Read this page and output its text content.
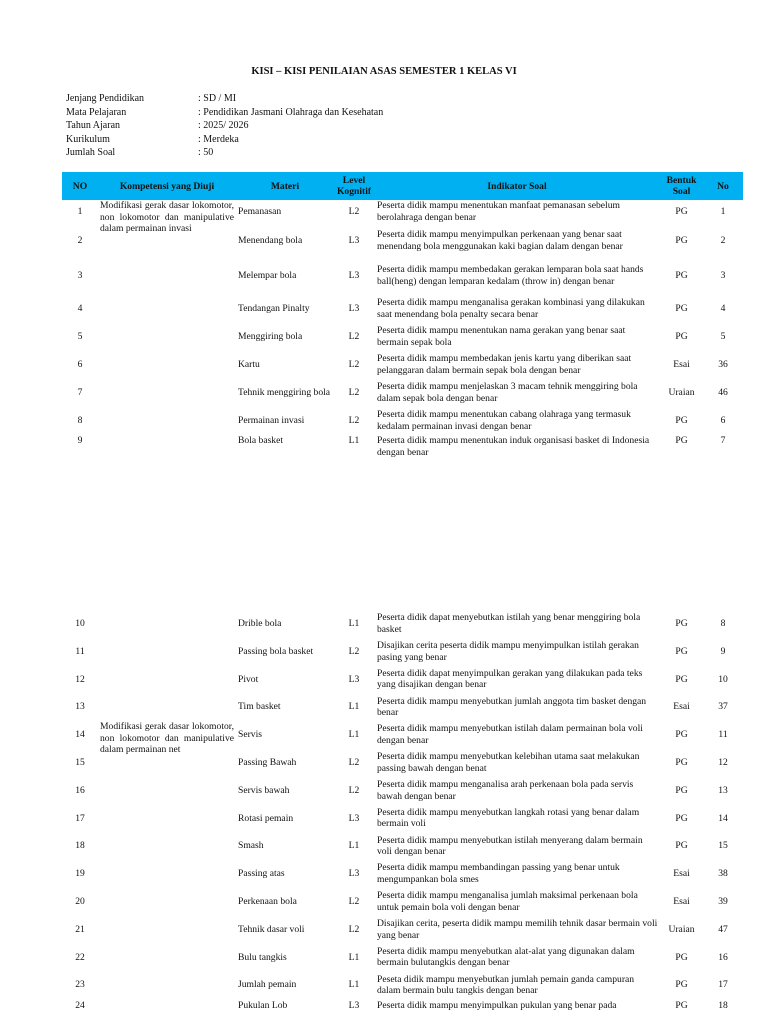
KISI – KISI PENILAIAN ASAS SEMESTER 1 KELAS VI
Jenjang Pendidikan	: SD / MI
Mata Pelajaran	: Pendidikan Jasmani Olahraga dan Kesehatan
Tahun Ajaran	: 2025/ 2026
Kurikulum	: Merdeka
Jumlah Soal	: 50
NO	Kompetensi yang Diuji	Materi	Level Kognitif	Indikator Soal	Bentuk Soal	No
1	Modifikasi gerak dasar lokomotor, non lokomotor dan manipulative dalam permainan invasi	Pemanasan	L2	Peserta didik mampu menentukan manfaat pemanasan sebelum berolahraga dengan benar	PG	1
2		Menendang bola	L3	Peserta didik mampu menyimpulkan perkenaan yang benar saat menendang bola menggunakan kaki bagian dalam dengan benar	PG	2
3		Melempar bola	L3	Peserta didik mampu membedakan gerakan lemparan bola saat hands ball(heng) dengan lemparan kedalam (throw in) dengan benar	PG	3
4		Tendangan Pinalty	L3	Peserta didik mampu menganalisa gerakan kombinasi yang dilakukan saat menendang bola penalty secara benar	PG	4
5		Menggiring bola	L2	Peserta didik mampu menentukan nama gerakan yang benar saat bermain sepak bola	PG	5
6		Kartu	L2	Peserta didik mampu membedakan jenis kartu yang diberikan saat pelanggaran dalam bermain sepak bola dengan benar	Esai	36
7		Tehnik menggiring bola	L2	Peserta didik mampu menjelaskan 3 macam tehnik menggiring bola dalam sepak bola dengan benar	Uraian	46
8		Permainan invasi	L2	Peserta didik mampu menentukan cabang olahraga yang termasuk kedalam permainan invasi dengan benar	PG	6
9		Bola basket	L1	Peserta didik mampu menentukan induk organisasi basket di Indonesia dengan benar	PG	7
10		Drible bola	L1	Peserta didik dapat menyebutkan istilah yang benar menggiring bola basket	PG	8
11		Passing bola basket	L2	Disajikan cerita peserta didik mampu menyimpulkan istilah gerakan pasing yang benar	PG	9
12		Pivot	L3	Peserta didik dapat menyimpulkan gerakan yang dilakukan pada teks yang disajikan dengan benar	PG	10
13		Tim basket	L1	Peserta didik mampu menyebutkan jumlah anggota tim basket dengan benar	Esai	37
14	Modifikasi gerak dasar lokomotor, non lokomotor dan manipulative dalam permainan net	Servis	L1	Peserta didik mampu menyebutkan istilah dalam permainan bola voli dengan benar	PG	11
15		Passing Bawah	L2	Peserta didik mampu menyebutkan kelebihan utama saat melakukan passing bawah dengan benat	PG	12
16		Servis bawah	L2	Peserta didik mampu menganalisa arah perkenaan bola pada servis bawah dengan benar	PG	13
17		Rotasi pemain	L3	Peserta didik mampu menyebutkan langkah rotasi yang benar dalam bermain voli	PG	14
18		Smash	L1	Peserta didik mampu menyebutkan istilah menyerang dalam bermain voli dengan benar	PG	15
19		Passing atas	L3	Peserta didik mampu membandingan passing yang benar untuk mengumpankan bola smes	Esai	38
20		Perkenaan bola	L2	Peserta didik mampu menganalisa jumlah maksimal perkenaan bola untuk pemain bola voli dengan benar	Esai	39
21		Tehnik dasar voli	L2	Disajikan cerita, peserta didik mampu memilih tehnik dasar bermain voli yang benar	Uraian	47
22		Bulu tangkis	L1	Peserta didik mampu menyebutkan alat-alat yang digunakan dalam bermain bulutangkis dengan benar	PG	16
23		Jumlah pemain	L1	Peseta didik mampu menyebutkan jumlah pemain ganda campuran dalam bermain bulu tangkis dengan benar	PG	17
24		Pukulan Lob	L3	Peserta didik mampu menyimpulkan pukulan yang benar pada	PG	18
